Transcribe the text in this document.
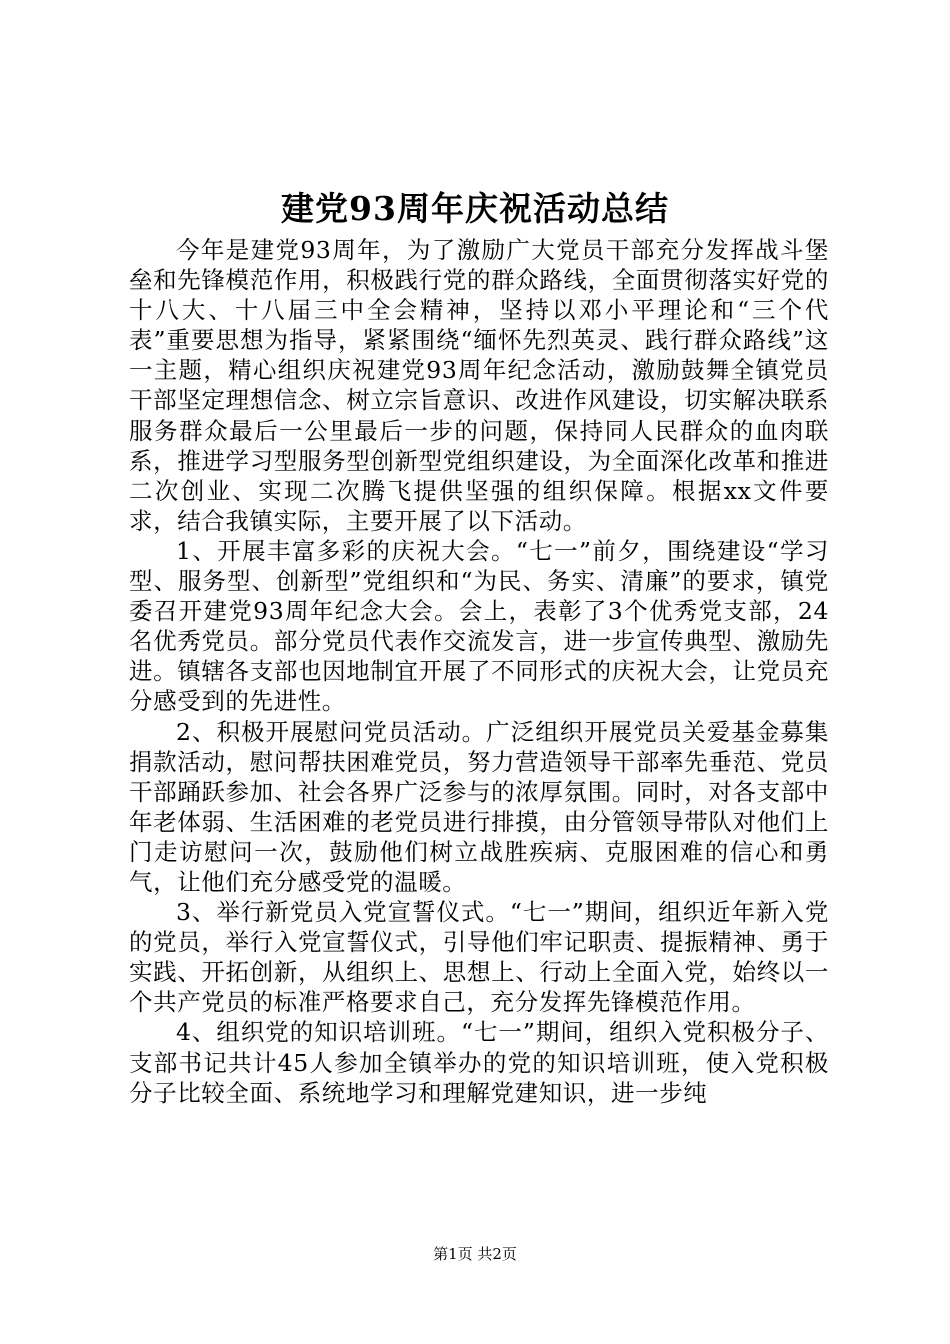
建党93周年庆祝活动总结

今年是建党93周年，为了激励广大党员干部充分发挥战斗堡垒和先锋模范作用，积极践行党的群众路线，全面贯彻落实好党的十八大、十八届三中全会精神，坚持以邓小平理论和“三个代表”重要思想为指导，紧紧围绕“缅怀先烈英灵、践行群众路线”这一主题，精心组织庆祝建党93周年纪念活动，激励鼓舞全镇党员干部坚定理想信念、树立宗旨意识、改进作风建设，切实解决联系服务群众最后一公里最后一步的问题，保持同人民群众的血肉联系，推进学习型服务型创新型党组织建设，为全面深化改革和推进二次创业、实现二次腾飞提供坚强的组织保障。根据xx文件要求，结合我镇实际，主要开展了以下活动。

1、开展丰富多彩的庆祝大会。“七一”前夕，围绕建设“学习型、服务型、创新型”党组织和“为民、务实、清廉”的要求，镇党委召开建党93周年纪念大会。会上，表彰了3个优秀党支部，24名优秀党员。部分党员代表作交流发言，进一步宣传典型、激励先进。镇辖各支部也因地制宜开展了不同形式的庆祝大会，让党员充分感受到的先进性。

2、积极开展慰问党员活动。广泛组织开展党员关爱基金募集捐款活动，慰问帮扶困难党员，努力营造领导干部率先垂范、党员干部踊跃参加、社会各界广泛参与的浓厚氛围。同时，对各支部中年老体弱、生活困难的老党员进行排摸，由分管领导带队对他们上门走访慰问一次，鼓励他们树立战胜疾病、克服困难的信心和勇气，让他们充分感受党的温暖。

3、举行新党员入党宣誓仪式。“七一”期间，组织近年新入党的党员，举行入党宣誓仪式，引导他们牢记职责、提振精神、勇于实践、开拓创新，从组织上、思想上、行动上全面入党，始终以一个共产党员的标准严格要求自己，充分发挥先锋模范作用。

4、组织党的知识培训班。“七一”期间，组织入党积极分子、支部书记共计45人参加全镇举办的党的知识培训班，使入党积极分子比较全面、系统地学习和理解党建知识，进一步纯

第1页 共2页
